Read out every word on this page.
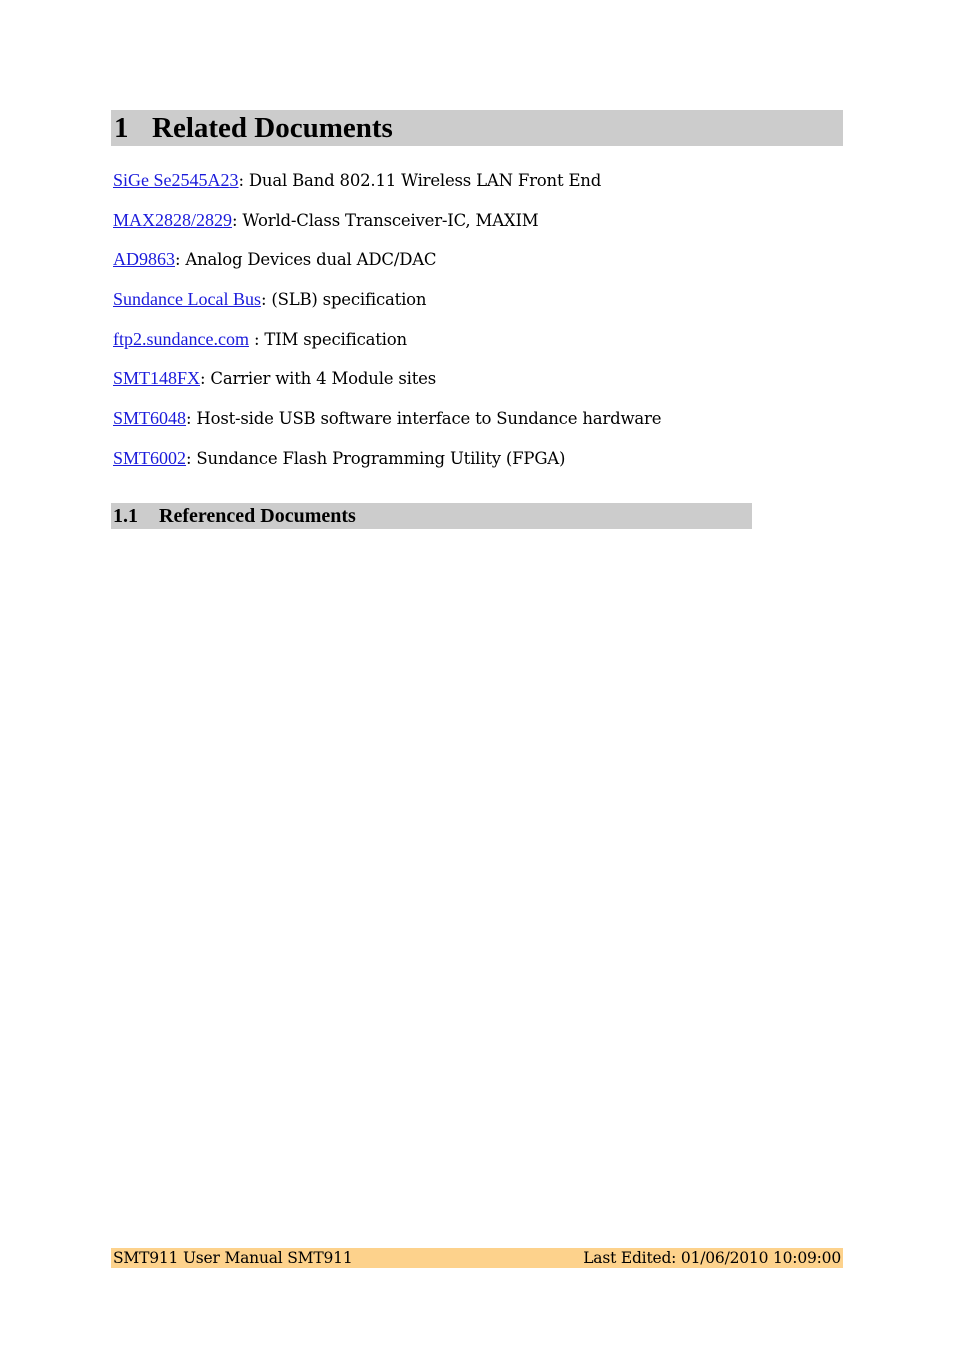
1 Related Documents
SiGe Se2545A23: Dual Band 802.11 Wireless LAN Front End
MAX2828/2829: World-Class Transceiver-IC, MAXIM
AD9863: Analog Devices dual ADC/DAC
Sundance Local Bus: (SLB) specification
ftp2.sundance.com : TIM specification
SMT148FX: Carrier with 4 Module sites
SMT6048: Host-side USB software interface to Sundance hardware
SMT6002: Sundance Flash Programming Utility (FPGA)
1.1	Referenced Documents
SMT911 User Manual SMT911	Last Edited: 01/06/2010 10:09:00
